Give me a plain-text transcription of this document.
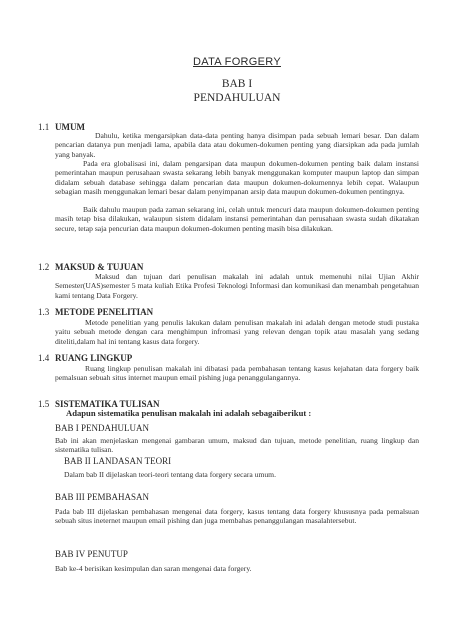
DATA FORGERY
BAB I
PENDAHULUAN
1.1 UMUM
Dahulu, ketika mengarsipkan data-data penting hanya disimpan pada sebuah lemari besar. Dan dalam pencarian datanya pun menjadi lama, apabila data atau dokumen-dokumen penting yang diarsipkan ada pada jumlah yang banyak.
Pada era globalisasi ini, dalam pengarsipan data maupun dokumen-dokumen penting baik dalam instansi pemerintahan maupun perusahaan swasta sekarang lebih banyak menggunakan komputer maupun laptop dan simpan didalam sebuah database sehingga dalam pencarian data maupun dokumen-dokumennya lebih cepat. Walaupun sebagian masih menggunakan lemari besar dalam penyimpanan arsip data maupun dokumen-dokumen pentingnya.
Baik dahulu maupun pada zaman sekarang ini, celah untuk mencuri data maupun dokumen-dokumen penting masih tetap bisa dilakukan, walaupun sistem didalam instansi pemerintahan dan perusahaan swasta sudah dikatakan secure, tetap saja pencurian data maupun dokumen-dokumen penting masih bisa dilakukan.
1.2 MAKSUD & TUJUAN
Maksud dan tujuan dari penulisan makalah ini adalah untuk memenuhi nilai Ujian Akhir Semester(UAS)semester 5 mata kuliah Etika Profesi Teknologi Informasi dan komunikasi dan menambah pengetahuan kami tentang Data Forgery.
1.3 METODE PENELITIAN
Metode penelitian yang penulis lakukan dalam penulisan makalah ini adalah dengan metode studi pustaka yaitu sebuah metode dengan cara menghimpun infromasi yang relevan dengan topik atau masalah yang sedang diteliti,dalam hal ini tentang kasus data forgery.
1.4 RUANG LINGKUP
Ruang lingkup penulisan makalah ini dibatasi pada pembahasan tentang kasus kejahatan data forgery baik pemalsuan sebuah situs internet maupun email pishing juga penanggulangannya.
1.5 SISTEMATIKA TULISAN
Adapun sistematika penulisan makalah ini adalah sebagaiberikut :
BAB I PENDAHULUAN
Bab ini akan menjelaskan mengenai gambaran umum, maksud dan tujuan, metode penelitian, ruang lingkup dan sistematika tulisan.
BAB II LANDASAN TEORI
Dalam bab II dijelaskan teori-teori tentang data forgery secara umum.
BAB III PEMBAHASAN
Pada bab III dijelaskan pembahasan mengenai data forgery, kasus tentang data forgery khususnya pada pemalsuan sebuah situs ineternet maupun email pishing dan juga membahas penanggulangan masalahtersebut.
BAB IV PENUTUP
Bab ke-4 berisikan kesimpulan dan saran mengenai data forgery.
